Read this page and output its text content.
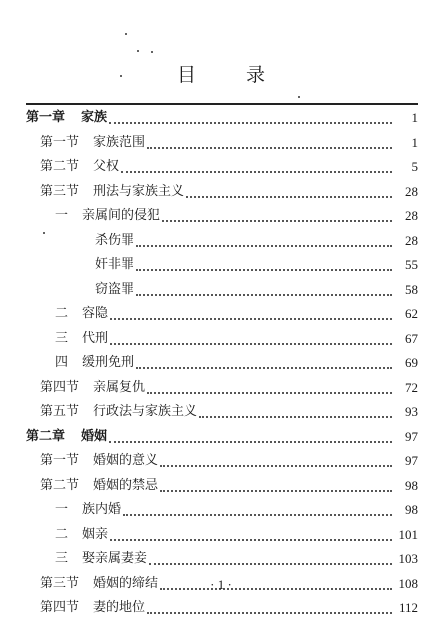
目	录
第一章 家族	1
第一节 家族范围	1
第二节 父权	5
第三节 刑法与家族主义	28
一 亲属间的侵犯	28
杀伤罪	28
奸非罪	55
窃盗罪	58
二 容隐	62
三 代刑	67
四 缓刑免刑	69
第四节 亲属复仇	72
第五节 行政法与家族主义	93
第二章 婚姻	97
第一节 婚姻的意义	97
第二节 婚姻的禁忌	98
一 族内婚	98
二 姻亲	101
三 娶亲属妻妾	103
第三节 婚姻的缔结	108
第四节 妻的地位	112
· 1 ·
